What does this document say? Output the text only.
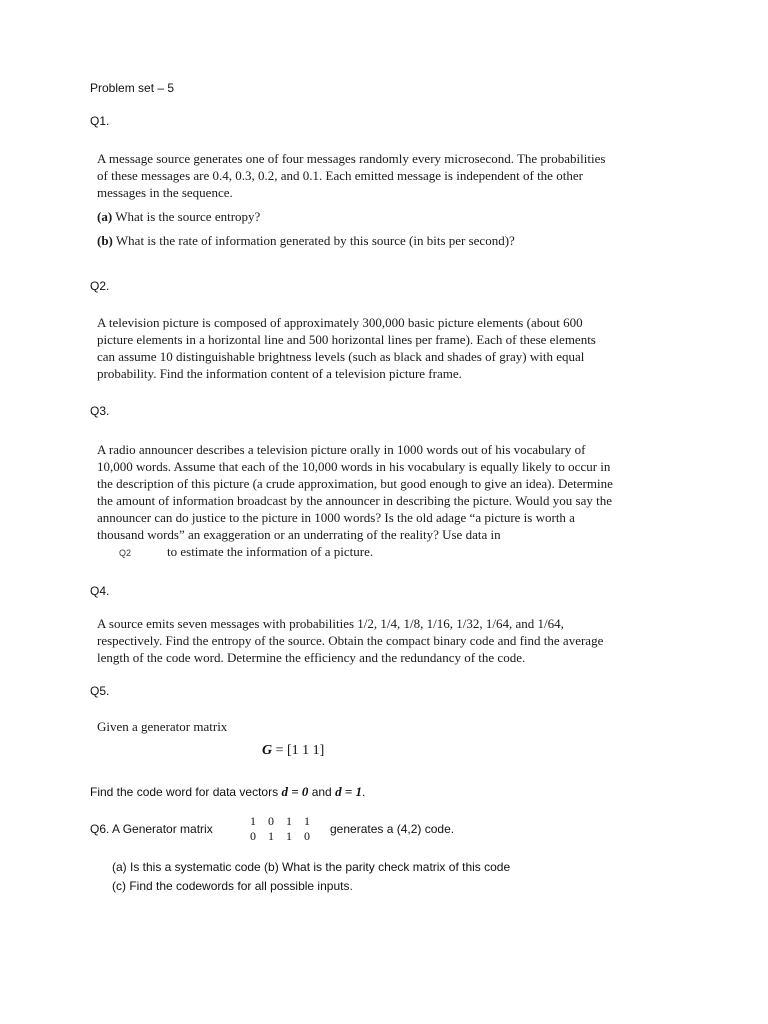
Problem set – 5
Q1.

A message source generates one of four messages randomly every microsecond. The probabilities of these messages are 0.4, 0.3, 0.2, and 0.1. Each emitted message is independent of the other messages in the sequence.

(a) What is the source entropy?

(b) What is the rate of information generated by this source (in bits per second)?

Q2.

A television picture is composed of approximately 300,000 basic picture elements (about 600 picture elements in a horizontal line and 500 horizontal lines per frame). Each of these elements can assume 10 distinguishable brightness levels (such as black and shades of gray) with equal probability. Find the information content of a television picture frame.

Q3.

A radio announcer describes a television picture orally in 1000 words out of his vocabulary of 10,000 words. Assume that each of the 10,000 words in his vocabulary is equally likely to occur in the description of this picture (a crude approximation, but good enough to give an idea). Determine the amount of information broadcast by the announcer in describing the picture. Would you say the announcer can do justice to the picture in 1000 words? Is the old adage “a picture is worth a thousand words” an exaggeration or an underrating of the reality? Use data in

Q2	to estimate the information of a picture.

Q4.

A source emits seven messages with probabilities 1/2, 1/4, 1/8, 1/16, 1/32, 1/64, and 1/64, respectively. Find the entropy of the source. Obtain the compact binary code and find the average length of the code word. Determine the efficiency and the redundancy of the code.

Q5.
Given a generator matrix
G = [1 1 1]
Find the code word for data vectors d = 0 and d = 1.
Q6. A Generator matrix
1	0	1	1
0	1	1	0	generates a (4,2) code.
(a) Is this a systematic code (b) What is the parity check matrix of this code
(c) Find the codewords for all possible inputs.
